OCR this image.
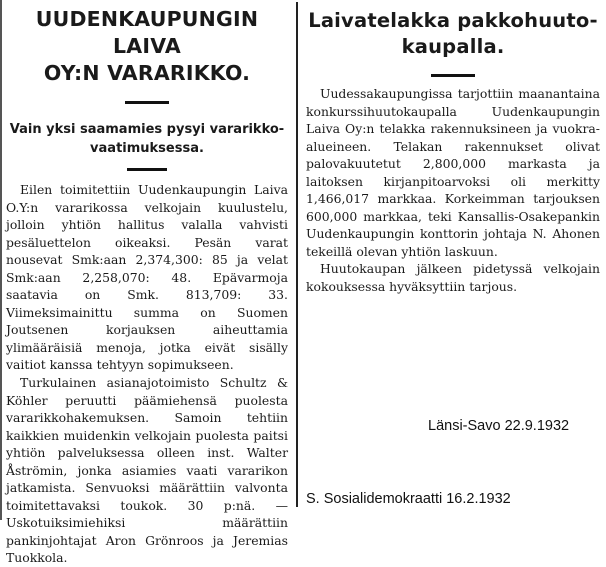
UUDENKAUPUNGIN LAIVA
OY:N VARARIKKO.

Vain yksi saamamies pysyi vararikko-
vaatimuksessa.

Eilen toimitettiin Uudenkaupungin Laiva O.Y:n vararikossa velkojain kuulustelu, jolloin yhtiön hallitus valalla vahvisti pesäluettelon oikeaksi. Pesän varat nousevat Smk:aan 2,374,300: 85 ja velat Smk:aan 2,258,070: 48. Epävarmoja saatavia on Smk. 813,709: 33. Viimeksimainittu summa on Suomen Joutsenen korjauksen aiheuttamia ylimääräisiä menoja, jotka eivät sisälly vaitiot kanssa tehtyyn sopimukseen.

Turkulainen asianajotoimisto Schultz & Köhler peruutti päämiehensä puolesta vararikkohakemuksen. Samoin tehtiin kaikkien muidenkin velkojain puolesta paitsi yhtiön palveluksessa olleen inst. Walter Åströmin, jonka asiamies vaati vararikon jatkamista. Senvuoksi määrättiin valvonta toimitettavaksi toukok. 30 p:nä. — Uskotuiksimiehiksi määrättiin pankinjohtajat Aron Grönroos ja Jeremias Tuokkola.

Laivatelakka pakkohuuto-
kaupalla.

Uudessakaupungissa tarjottiin maanantaina konkurssihuutokaupalla Uudenkaupungin Laiva Oy:n telakka rakennuksineen ja vuokra-alueineen. Telakan rakennukset olivat palovakuutetut 2,800,000 markasta ja laitoksen kirjanpitoarvoksi oli merkitty 1,466,017 markkaa. Korkeimman tarjouksen 600,000 markkaa, teki Kansallis-Osakepankin Uudenkaupungin konttorin johtaja N. Ahonen tekeillä olevan yhtiön laskuun.

Huutokaupan jälkeen pidetyssä velkojain kokouksessa hyväksyttiin tarjous.

Länsi-Savo 22.9.1932
S. Sosialidemokraatti 16.2.1932
